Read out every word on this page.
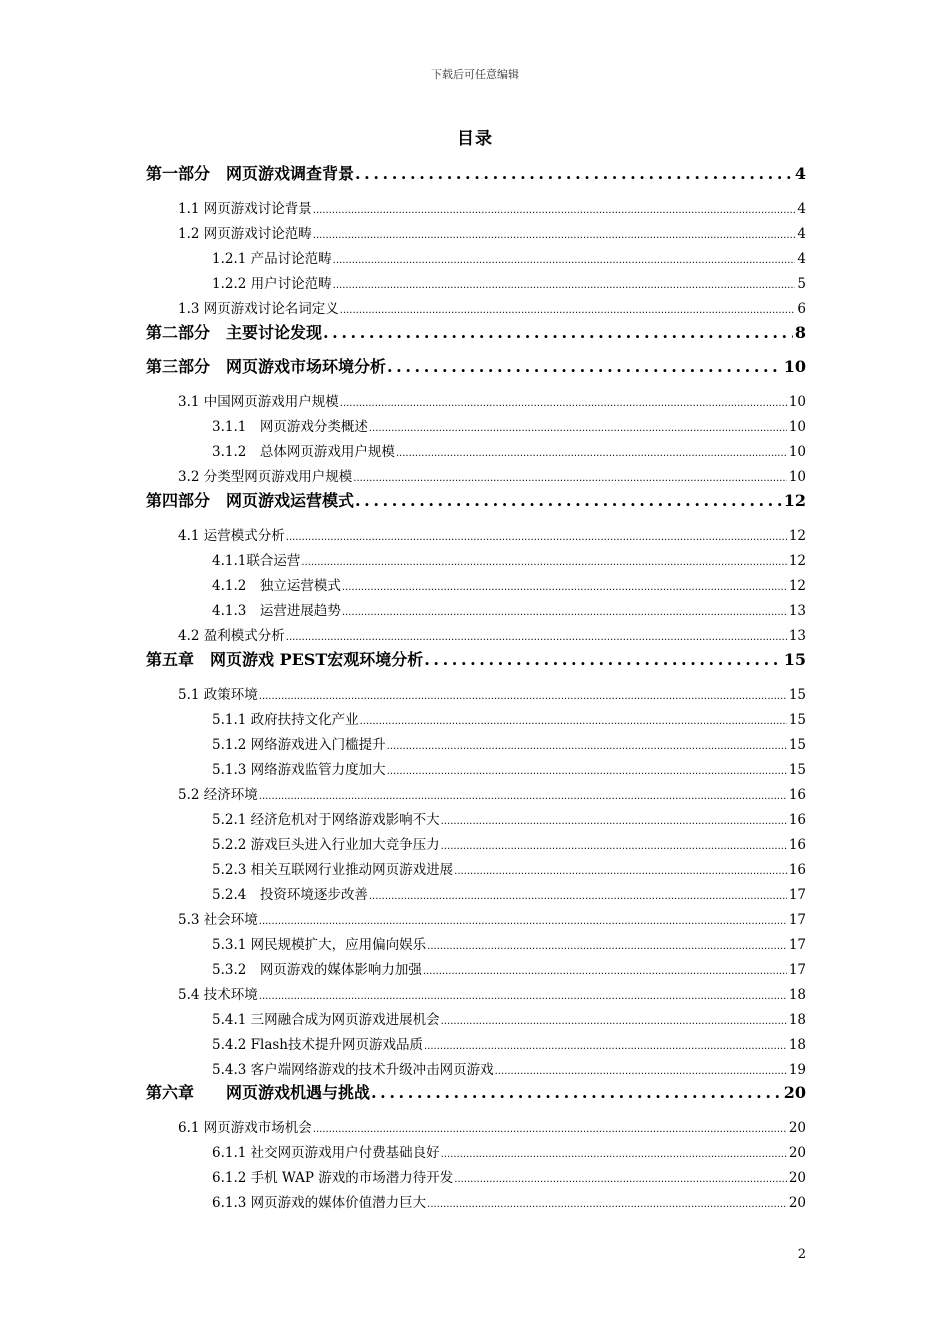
下载后可任意编辑
目录
第一部分　网页游戏调查背景 .....	4
1.1 网页游戏讨论背景 .....	4
1.2 网页游戏讨论范畴 .....	4
1.2.1 产品讨论范畴 .....	4
1.2.2 用户讨论范畴 .....	5
1.3 网页游戏讨论名词定义 .....	6
第二部分　主要讨论发现 .....	8
第三部分　网页游戏市场环境分析 .....	10
3.1 中国网页游戏用户规模 .....	10
3.1.1　网页游戏分类概述 .....	10
3.1.2　总体网页游戏用户规模 .....	10
3.2 分类型网页游戏用户规模 .....	10
第四部分　网页游戏运营模式 .....	12
4.1 运营模式分析 .....	12
4.1.1联合运营 .....	12
4.1.2　独立运营模式 .....	12
4.1.3　运营进展趋势 .....	13
4.2 盈利模式分析 .....	13
第五章　网页游戏 PEST宏观环境分析 .....	15
5.1 政策环境 .....	15
5.1.1 政府扶持文化产业 .....	15
5.1.2 网络游戏进入门槛提升 .....	15
5.1.3 网络游戏监管力度加大 .....	15
5.2 经济环境 .....	16
5.2.1 经济危机对于网络游戏影响不大 .....	16
5.2.2 游戏巨头进入行业加大竞争压力 .....	16
5.2.3 相关互联网行业推动网页游戏进展 .....	16
5.2.4　投资环境逐步改善 .....	17
5.3 社会环境 .....	17
5.3.1 网民规模扩大，应用偏向娱乐 .....	17
5.3.2　网页游戏的媒体影响力加强 .....	17
5.4 技术环境 .....	18
5.4.1 三网融合成为网页游戏进展机会 .....	18
5.4.2 Flash技术提升网页游戏品质 .....	18
5.4.3 客户端网络游戏的技术升级冲击网页游戏 .....	19
第六章　　网页游戏机遇与挑战 .....	20
6.1 网页游戏市场机会 .....	20
6.1.1 社交网页游戏用户付费基础良好 .....	20
6.1.2 手机 WAP 游戏的市场潜力待开发 .....	20
6.1.3 网页游戏的媒体价值潜力巨大 .....	20
2
